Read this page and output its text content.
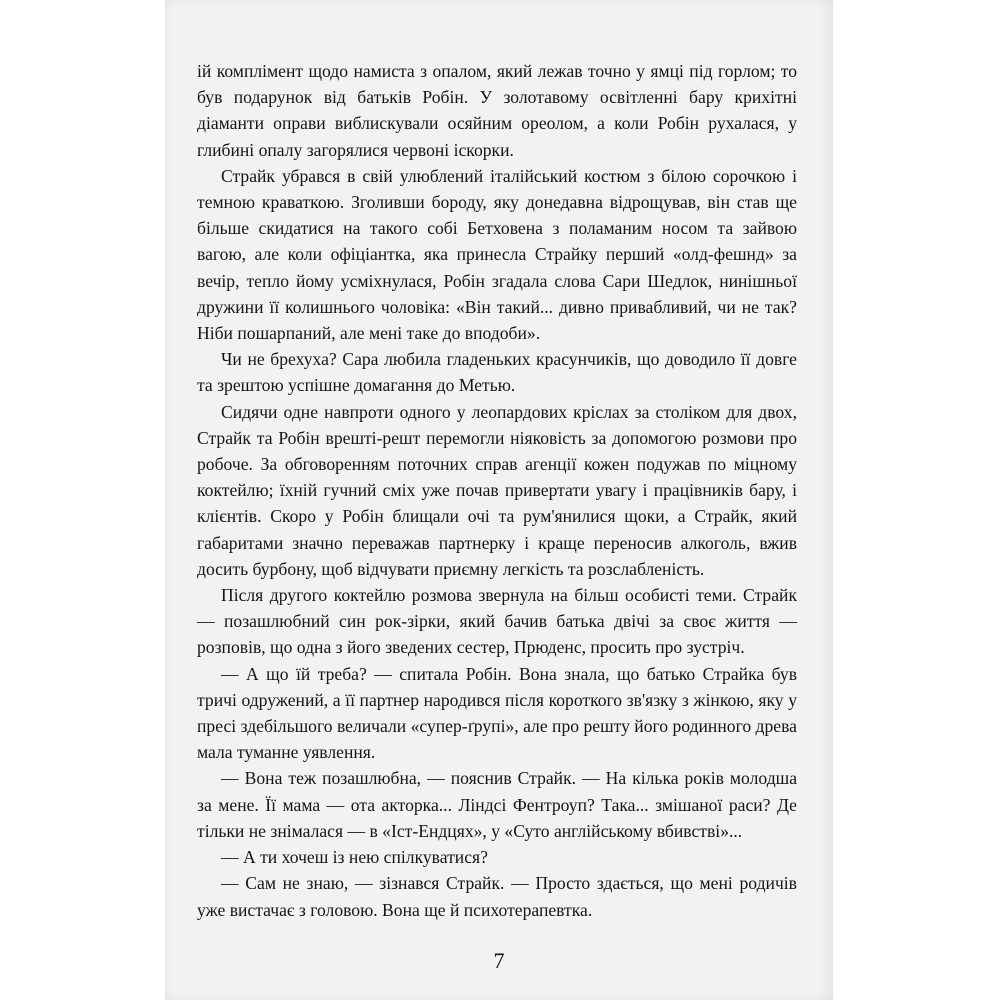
ій комплімент щодо намиста з опалом, який лежав точно у ямці під горлом; то був подарунок від батьків Робін. У золотавому освітленні бару крихітні діаманти оправи виблискували осяйним ореолом, а коли Робін рухалася, у глибині опалу загорялися червоні іскорки.

Страйк убрався в свій улюблений італійський костюм з білою сорочкою і темною краваткою. Зголивши бороду, яку донедавна відрощував, він став ще більше скидатися на такого собі Бетховена з поламаним носом та зайвою вагою, але коли офіціантка, яка принесла Страйку перший «олд-фешнд» за вечір, тепло йому усміхнулася, Робін згадала слова Сари Шедлок, нинішньої дружини її колишнього чоловіка: «Він такий... дивно привабливий, чи не так? Ніби пошарпаний, але мені таке до вподоби».

Чи не брехуха? Сара любила гладеньких красунчиків, що доводило її довге та зрештою успішне домагання до Метью.

Сидячи одне навпроти одного у леопардових кріслах за століком для двох, Страйк та Робін врешті-решт перемогли ніяковість за допомогою розмови про робоче. За обговоренням поточних справ агенції кожен подужав по міцному коктейлю; їхній гучний сміх уже почав привертати увагу і працівників бару, і клієнтів. Скоро у Робін блищали очі та рум'янилися щоки, а Страйк, який габаритами значно переважав партнерку і краще переносив алкоголь, вжив досить бурбону, щоб відчувати приємну легкість та розслабленість.

Після другого коктейлю розмова звернула на більш особисті теми. Страйк — позашлюбний син рок-зірки, який бачив батька двічі за своє життя — розповів, що одна з його зведених сестер, Прюденс, просить про зустріч.

— А що їй треба? — спитала Робін. Вона знала, що батько Страйка був тричі одружений, а її партнер народився після короткого зв'язку з жінкою, яку у пресі здебільшого величали «супер-ґрупі», але про решту його родинного древа мала туманне уявлення.

— Вона теж позашлюбна, — пояснив Страйк. — На кілька років молодша за мене. Її мама — ота акторка... Ліндсі Фентроуп? Така... змішаної раси? Де тільки не знімалася — в «Іст-Ендцях», у «Суто англійському вбивстві»...

— А ти хочеш із нею спілкуватися?

— Сам не знаю, — зізнався Страйк. — Просто здається, що мені родичів уже вистачає з головою. Вона ще й психотерапевтка.

7
